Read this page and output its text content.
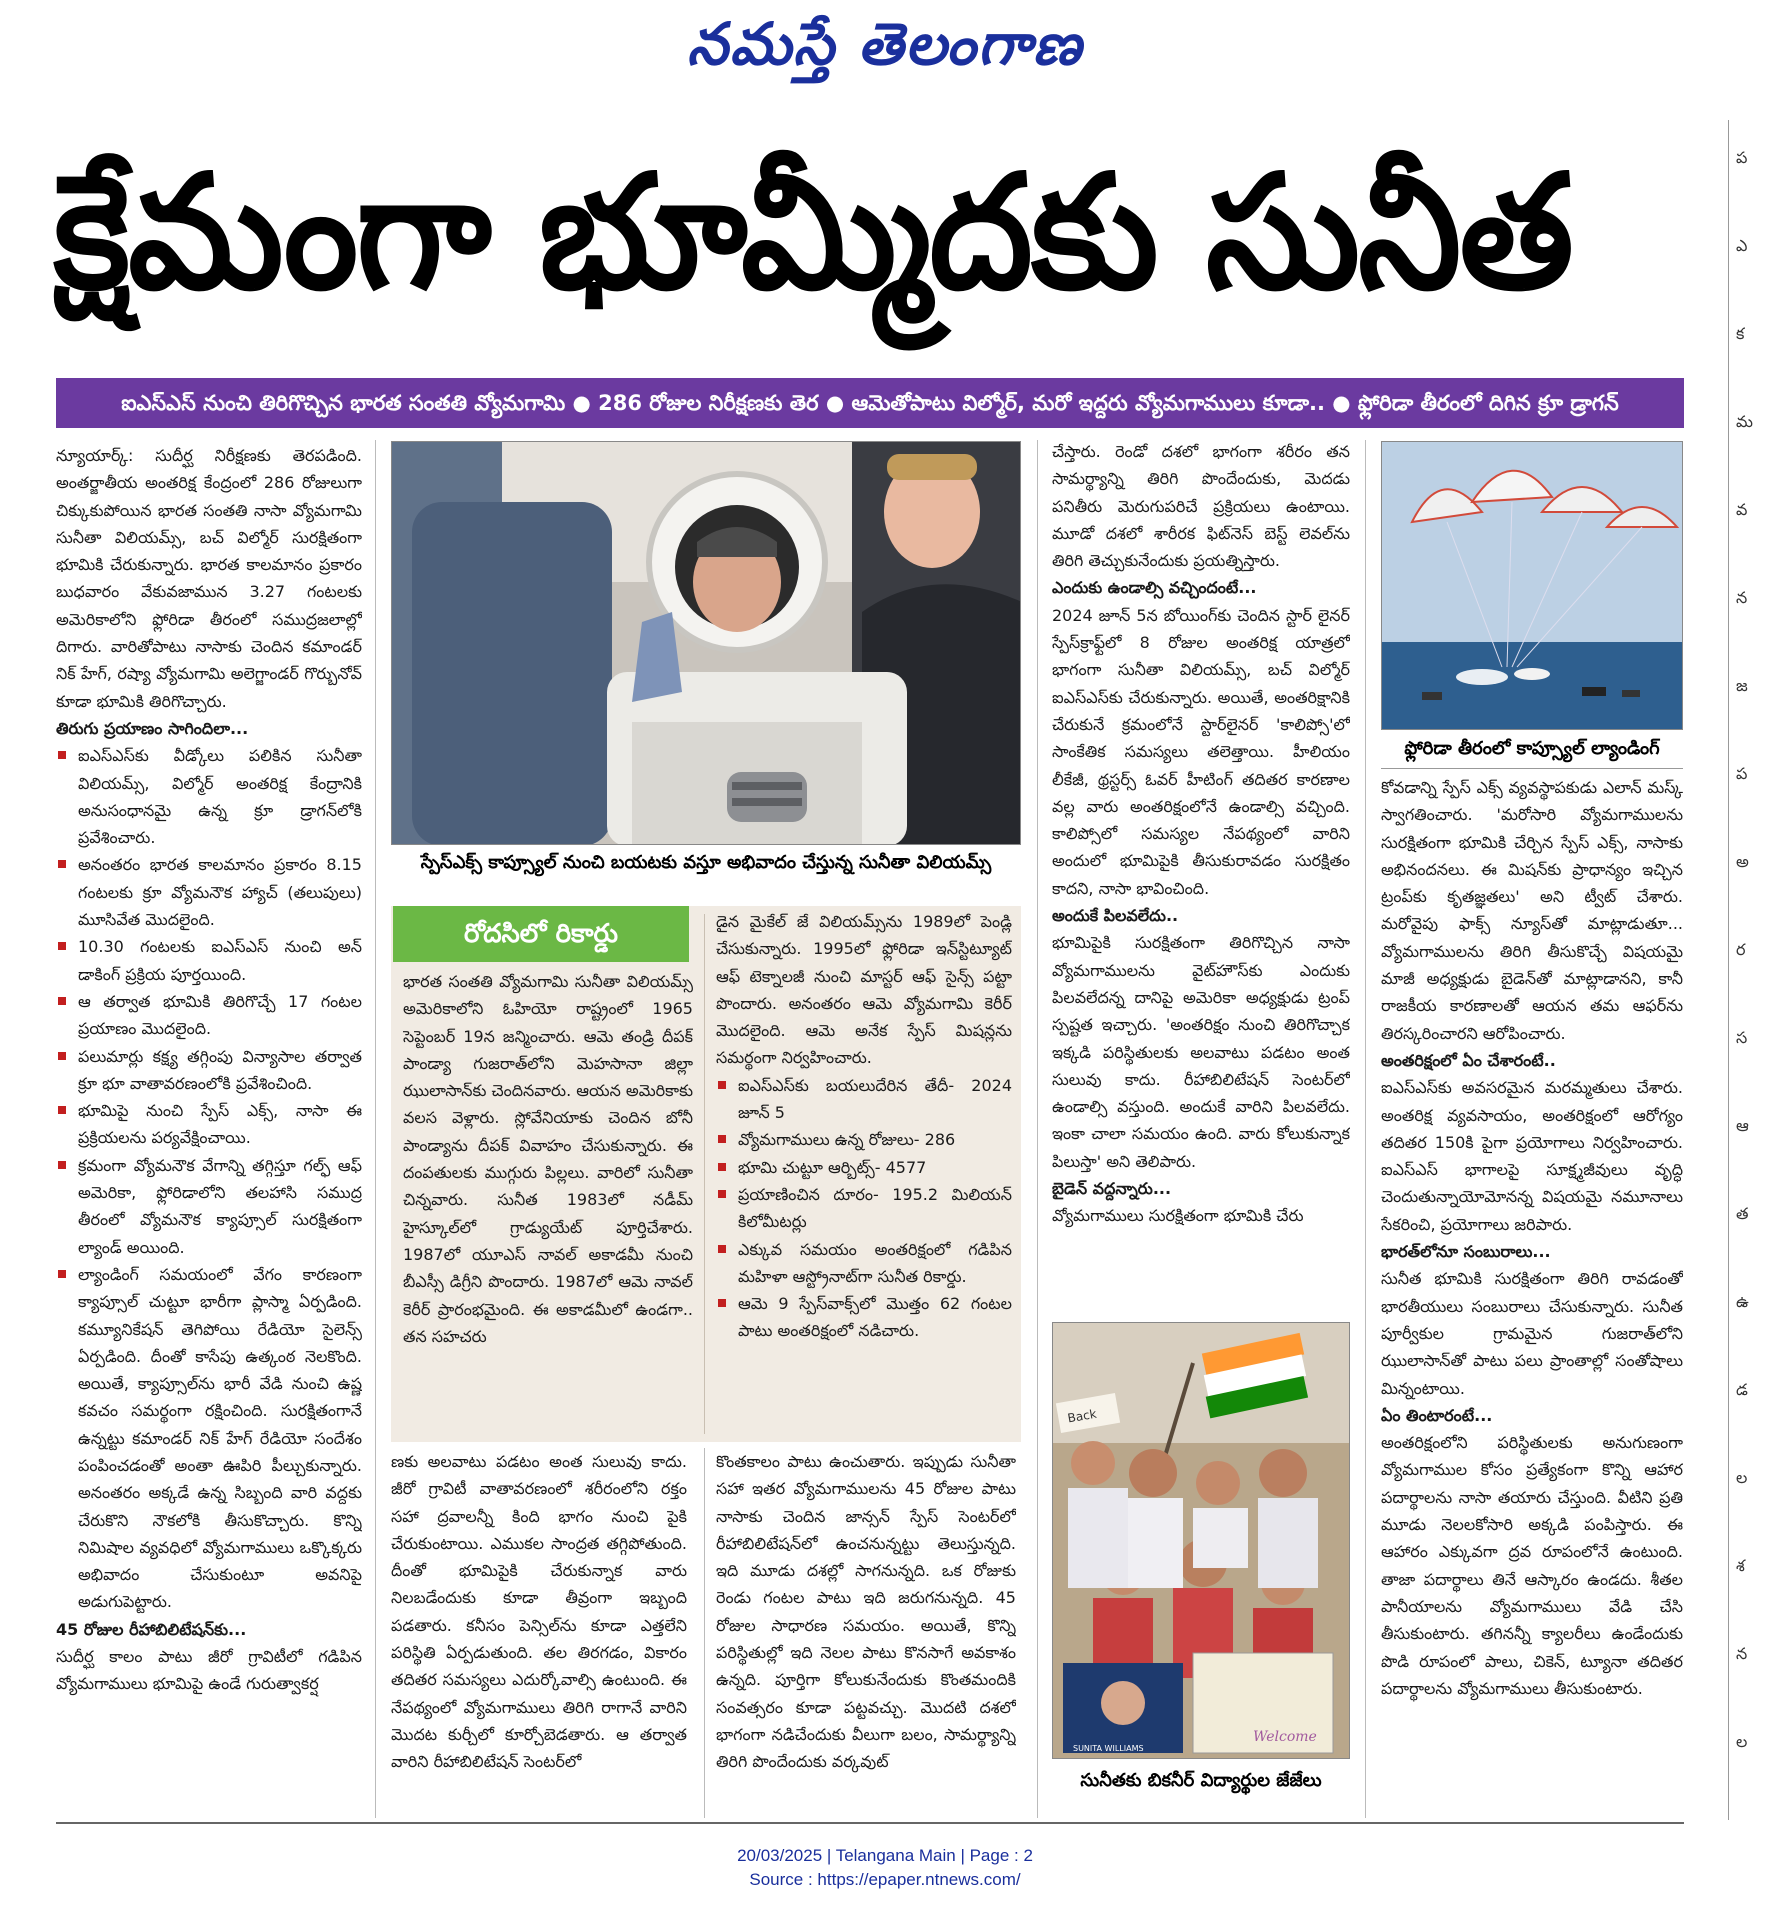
నమస్తే తెలంగాణ
క్షేమంగా భూమ్మీదకు సునీత	ప
ఎ
క
మ
వ
న
జ
ప
అ
ర
స
ఆ
త
ఉ
డ
ల
శ
న
ల
ఐఎస్ఎస్ నుంచి తిరిగొచ్చిన భారత సంతతి వ్యోమగామి ● 286 రోజుల నిరీక్షణకు తెర ● ఆమెతోపాటు విల్మోర్, మరో ఇద్దరు వ్యోమగాములు కూడా.. ● ఫ్లోరిడా తీరంలో దిగిన క్రూ డ్రాగన్

న్యూయార్క్: సుదీర్ఘ నిరీక్షణకు తెరపడింది. అంతర్జాతీయ అంతరిక్ష కేంద్రంలో 286 రోజులుగా చిక్కుకుపోయిన భారత సంతతి నాసా వ్యోమగామి సునీతా విలియమ్స్, బచ్ విల్మోర్ సురక్షితంగా భూమికి చేరుకున్నారు. భారత కాలమానం ప్రకారం బుధవారం వేకువజామున 3.27 గంటలకు అమెరికాలోని ఫ్లోరిడా తీరంలో సముద్రజలాల్లో దిగారు. వారితోపాటు నాసాకు చెందిన కమాండర్ నిక్ హేగ్, రష్యా వ్యోమగామి అలెగ్జాండర్ గొర్బునోవ్ కూడా భూమికి తిరిగొచ్చారు.

తిరుగు ప్రయాణం సాగిందిలా...

ఐఎస్ఎస్‌కు వీడ్కోలు పలికిన సునీతా విలియమ్స్, విల్మోర్ అంతరిక్ష కేంద్రానికి అనుసంధానమై ఉన్న క్రూ డ్రాగన్‌లోకి ప్రవేశించారు.

అనంతరం భారత కాలమానం ప్రకారం 8.15 గంటలకు క్రూ వ్యోమనౌక హ్యాచ్ (తలుపులు) మూసివేత మొదలైంది.

10.30 గంటలకు ఐఎస్ఎస్ నుంచి అన్ డాకింగ్ ప్రక్రియ పూర్తయింది.

ఆ తర్వాత భూమికి తిరిగొచ్చే 17 గంటల ప్రయాణం మొదలైంది.

పలుమార్లు కక్ష్య తగ్గింపు విన్యాసాల తర్వాత క్రూ భూ వాతావరణంలోకి ప్రవేశించింది.

భూమిపై నుంచి స్పేస్ ఎక్స్, నాసా ఈ ప్రక్రియలను పర్యవేక్షించాయి.

క్రమంగా వ్యోమనౌక వేగాన్ని తగ్గిస్తూ గల్ఫ్ ఆఫ్ అమెరికా, ఫ్లోరిడాలోని తలహాసి సముద్ర తీరంలో వ్యోమనౌక క్యాప్సూల్ సురక్షితంగా ల్యాండ్ అయింది.

ల్యాండింగ్ సమయంలో వేగం కారణంగా క్యాప్సూల్ చుట్టూ భారీగా ప్లాస్మా ఏర్పడింది. కమ్యూనికేషన్ తెగిపోయి రేడియో సైలెన్స్ ఏర్పడింది. దీంతో కాసేపు ఉత్కంఠ నెలకొంది. అయితే, క్యాప్సూల్‌ను భారీ వేడి నుంచి ఉష్ణ కవచం సమర్థంగా రక్షించింది. సురక్షితంగానే ఉన్నట్టు కమాండర్ నిక్ హేగ్ రేడియో సందేశం పంపించడంతో అంతా ఊపిరి పీల్చుకున్నారు. అనంతరం అక్కడే ఉన్న సిబ్బంది వారి వద్దకు చేరుకొని నౌకలోకి తీసుకొచ్చారు. కొన్ని నిమిషాల వ్యవధిలో వ్యోమగాములు ఒక్కొక్కరు అభివాదం చేసుకుంటూ అవనిపై అడుగుపెట్టారు.

45 రోజుల రీహాబిలిటేషన్‌కు...

సుదీర్ఘ కాలం పాటు జీరో గ్రావిటీలో గడిపిన వ్యోమగాములు భూమిపై ఉండే గురుత్వాకర్ష

స్పేస్ఎక్స్ కాప్స్యూల్ నుంచి బయటకు వస్తూ అభివాదం చేస్తున్న సునీతా విలియమ్స్
రోదసిలో రికార్డు

భారత సంతతి వ్యోమగామి సునీతా విలియమ్స్ అమెరికాలోని ఓహియో రాష్ట్రంలో 1965 సెప్టెంబర్ 19న జన్మించారు. ఆమె తండ్రి దీపక్ పాండ్యా గుజరాత్‌లోని మెహసానా జిల్లా ఝులాసాన్‌కు చెందినవారు. ఆయన అమెరికాకు వలస వెళ్లారు. స్లోవేనియాకు చెందిన బోనీ పాండ్యాను దీపక్ వివాహం చేసుకున్నారు. ఈ దంపతులకు ముగ్గురు పిల్లలు. వారిలో సునీతా చిన్నవారు. సునీత 1983లో నడీమ్ హైస్కూల్‌లో గ్రాడ్యుయేట్ పూర్తిచేశారు. 1987లో యూఎస్ నావల్ అకాడమీ నుంచి బీఎస్సీ డిగ్రీని పొందారు. 1987లో ఆమె నావల్ కెరీర్ ప్రారంభమైంది. ఈ అకాడమీలో ఉండగా.. తన సహచరు

డైన మైకేల్ జే విలియమ్స్‌ను 1989లో పెండ్లి చేసుకున్నారు. 1995లో ఫ్లోరిడా ఇన్‌స్టిట్యూట్ ఆఫ్ టెక్నాలజీ నుంచి మాస్టర్ ఆఫ్ సైన్స్ పట్టా పొందారు. అనంతరం ఆమె వ్యోమగామి కెరీర్ మొదలైంది. ఆమె అనేక స్పేస్ మిషన్లను సమర్థంగా నిర్వహించారు.

ఐఎస్ఎస్‌కు బయలుదేరిన తేదీ- 2024 జూన్ 5

వ్యోమగాములు ఉన్న రోజులు- 286

భూమి చుట్టూ ఆర్బిట్స్- 4577

ప్రయాణించిన దూరం- 195.2 మిలియన్ కిలోమీటర్లు

ఎక్కువ సమయం అంతరిక్షంలో గడిపిన మహిళా ఆస్ట్రోనాట్‌గా సునీత రికార్డు.

ఆమె 9 స్పేస్‌వాక్స్‌లో మొత్తం 62 గంటల పాటు అంతరిక్షంలో నడిచారు.

ణకు అలవాటు పడటం అంత సులువు కాదు. జీరో గ్రావిటీ వాతావరణంలో శరీరంలోని రక్తం సహా ద్రవాలన్నీ కింది భాగం నుంచి పైకి చేరుకుంటాయి. ఎముకల సాంద్రత తగ్గిపోతుంది. దీంతో భూమిపైకి చేరుకున్నాక వారు నిలబడేందుకు కూడా తీవ్రంగా ఇబ్బంది పడతారు. కనీసం పెన్సిల్‌ను కూడా ఎత్తలేని పరిస్థితి ఏర్పడుతుంది. తల తిరగడం, వికారం తదితర సమస్యలు ఎదుర్కోవాల్సి ఉంటుంది. ఈ నేపథ్యంలో వ్యోమగాములు తిరిగి రాగానే వారిని మొదట కుర్చీలో కూర్చోబెడతారు. ఆ తర్వాత వారిని రీహాబిలిటేషన్ సెంటర్‌లో

కొంతకాలం పాటు ఉంచుతారు. ఇప్పుడు సునీతా సహా ఇతర వ్యోమగాములను 45 రోజుల పాటు నాసాకు చెందిన జాన్సన్ స్పేస్ సెంటర్‌లో రీహాబిలిటేషన్‌లో ఉంచనున్నట్టు తెలుస్తున్నది. ఇది మూడు దశల్లో సాగనున్నది. ఒక రోజుకు రెండు గంటల పాటు ఇది జరుగనున్నది. 45 రోజుల సాధారణ సమయం. అయితే, కొన్ని పరిస్థితుల్లో ఇది నెలల పాటు కొనసాగే అవకాశం ఉన్నది. పూర్తిగా కోలుకునేందుకు కొంతమందికి సంవత్సరం కూడా పట్టవచ్చు. మొదటి దశలో భాగంగా నడిచేందుకు వీలుగా బలం, సామర్థ్యాన్ని తిరిగి పొందేందుకు వర్కవుట్

చేస్తారు. రెండో దశలో భాగంగా శరీరం తన సామర్థ్యాన్ని తిరిగి పొందేందుకు, మెదడు పనితీరు మెరుగుపరిచే ప్రక్రియలు ఉంటాయి. మూడో దశలో శారీరక ఫిట్‌నెస్ బెస్ట్ లెవల్‌ను తిరిగి తెచ్చుకునేందుకు ప్రయత్నిస్తారు.

ఎందుకు ఉండాల్సి వచ్చిందంటే...

2024 జూన్ 5న బోయింగ్‌కు చెందిన స్టార్ లైనర్ స్పేస్‌క్రాఫ్ట్‌లో 8 రోజుల అంతరిక్ష యాత్రలో భాగంగా సునీతా విలియమ్స్, బచ్ విల్మోర్ ఐఎస్ఎస్‌కు చేరుకున్నారు. అయితే, అంతరిక్షానికి చేరుకునే క్రమంలోనే స్టార్‌లైనర్ 'కాలిప్సో'లో సాంకేతిక సమస్యలు తలెత్తాయి. హీలియం లీకేజీ, థ్రస్టర్స్ ఓవర్ హీటింగ్ తదితర కారణాల వల్ల వారు అంతరిక్షంలోనే ఉండాల్సి వచ్చింది. కాలిప్సోలో సమస్యల నేపథ్యంలో వారిని అందులో భూమిపైకి తీసుకురావడం సురక్షితం కాదని, నాసా భావించింది.

అందుకే పిలవలేదు..

భూమిపైకి సురక్షితంగా తిరిగొచ్చిన నాసా వ్యోమగాములను వైట్‌హౌస్‌కు ఎందుకు పిలవలేదన్న దానిపై అమెరికా అధ్యక్షుడు ట్రంప్ స్పష్టత ఇచ్చారు. 'అంతరిక్షం నుంచి తిరిగొచ్చాక ఇక్కడి పరిస్థితులకు అలవాటు పడటం అంత సులువు కాదు. రీహాబిలిటేషన్ సెంటర్‌లో ఉండాల్సి వస్తుంది. అందుకే వారిని పిలవలేదు. ఇంకా చాలా సమయం ఉంది. వారు కోలుకున్నాక పిలుస్తా' అని తెలిపారు.

బైడెన్ వద్దన్నారు...

వ్యోమగాములు సురక్షితంగా భూమికి చేరు

Back
SUNITA WILLIAMS
Welcome
సునీతకు బికనీర్ విద్యార్థుల జేజేలు
ఫ్లోరిడా తీరంలో కాప్స్యూల్ ల్యాండింగ్

కోవడాన్ని స్పేస్ ఎక్స్ వ్యవస్థాపకుడు ఎలాన్ మస్క్ స్వాగతించారు. 'మరోసారి వ్యోమగాములను సురక్షితంగా భూమికి చేర్చిన స్పేస్ ఎక్స్, నాసాకు అభినందనలు. ఈ మిషన్‌కు ప్రాధాన్యం ఇచ్చిన ట్రంప్‌కు కృతజ్ఞతలు' అని ట్వీట్ చేశారు. మరోవైపు ఫాక్స్ న్యూస్‌తో మాట్లాడుతూ... వ్యోమగాములను తిరిగి తీసుకొచ్చే విషయమై మాజీ అధ్యక్షుడు బైడెన్‌తో మాట్లాడానని, కానీ రాజకీయ కారణాలతో ఆయన తమ ఆఫర్‌ను తిరస్కరించారని ఆరోపించారు.

అంతరిక్షంలో ఏం చేశారంటే..

ఐఎస్ఎస్‌కు అవసరమైన మరమ్మతులు చేశారు. అంతరిక్ష వ్యవసాయం, అంతరిక్షంలో ఆరోగ్యం తదితర 150కి పైగా ప్రయోగాలు నిర్వహించారు. ఐఎస్ఎస్ భాగాలపై సూక్ష్మజీవులు వృద్ధి చెందుతున్నాయోమోనన్న విషయమై నమూనాలు సేకరించి, ప్రయోగాలు జరిపారు.

భారత్‌లోనూ సంబురాలు...

సునీత భూమికి సురక్షితంగా తిరిగి రావడంతో భారతీయులు సంబురాలు చేసుకున్నారు. సునీత పూర్వీకుల గ్రామమైన గుజరాత్‌లోని ఝులాసాన్‌తో పాటు పలు ప్రాంతాల్లో సంతోషాలు మిన్నంటాయి.

ఏం తింటారంటే...

అంతరిక్షంలోని పరిస్థితులకు అనుగుణంగా వ్యోమగాముల కోసం ప్రత్యేకంగా కొన్ని ఆహార పదార్థాలను నాసా తయారు చేస్తుంది. వీటిని ప్రతి మూడు నెలలకోసారి అక్కడి పంపిస్తారు. ఈ ఆహారం ఎక్కువగా ద్రవ రూపంలోనే ఉంటుంది. తాజా పదార్థాలు తినే ఆస్కారం ఉండదు. శీతల పానీయాలను వ్యోమగాములు వేడి చేసి తీసుకుంటారు. తగినన్నీ క్యాలరీలు ఉండేందుకు పొడి రూపంలో పాలు, చికెన్, ట్యూనా తదితర పదార్థాలను వ్యోమగాములు తీసుకుంటారు.

20/03/2025 | Telangana Main | Page : 2
Source : https://epaper.ntnews.com/
